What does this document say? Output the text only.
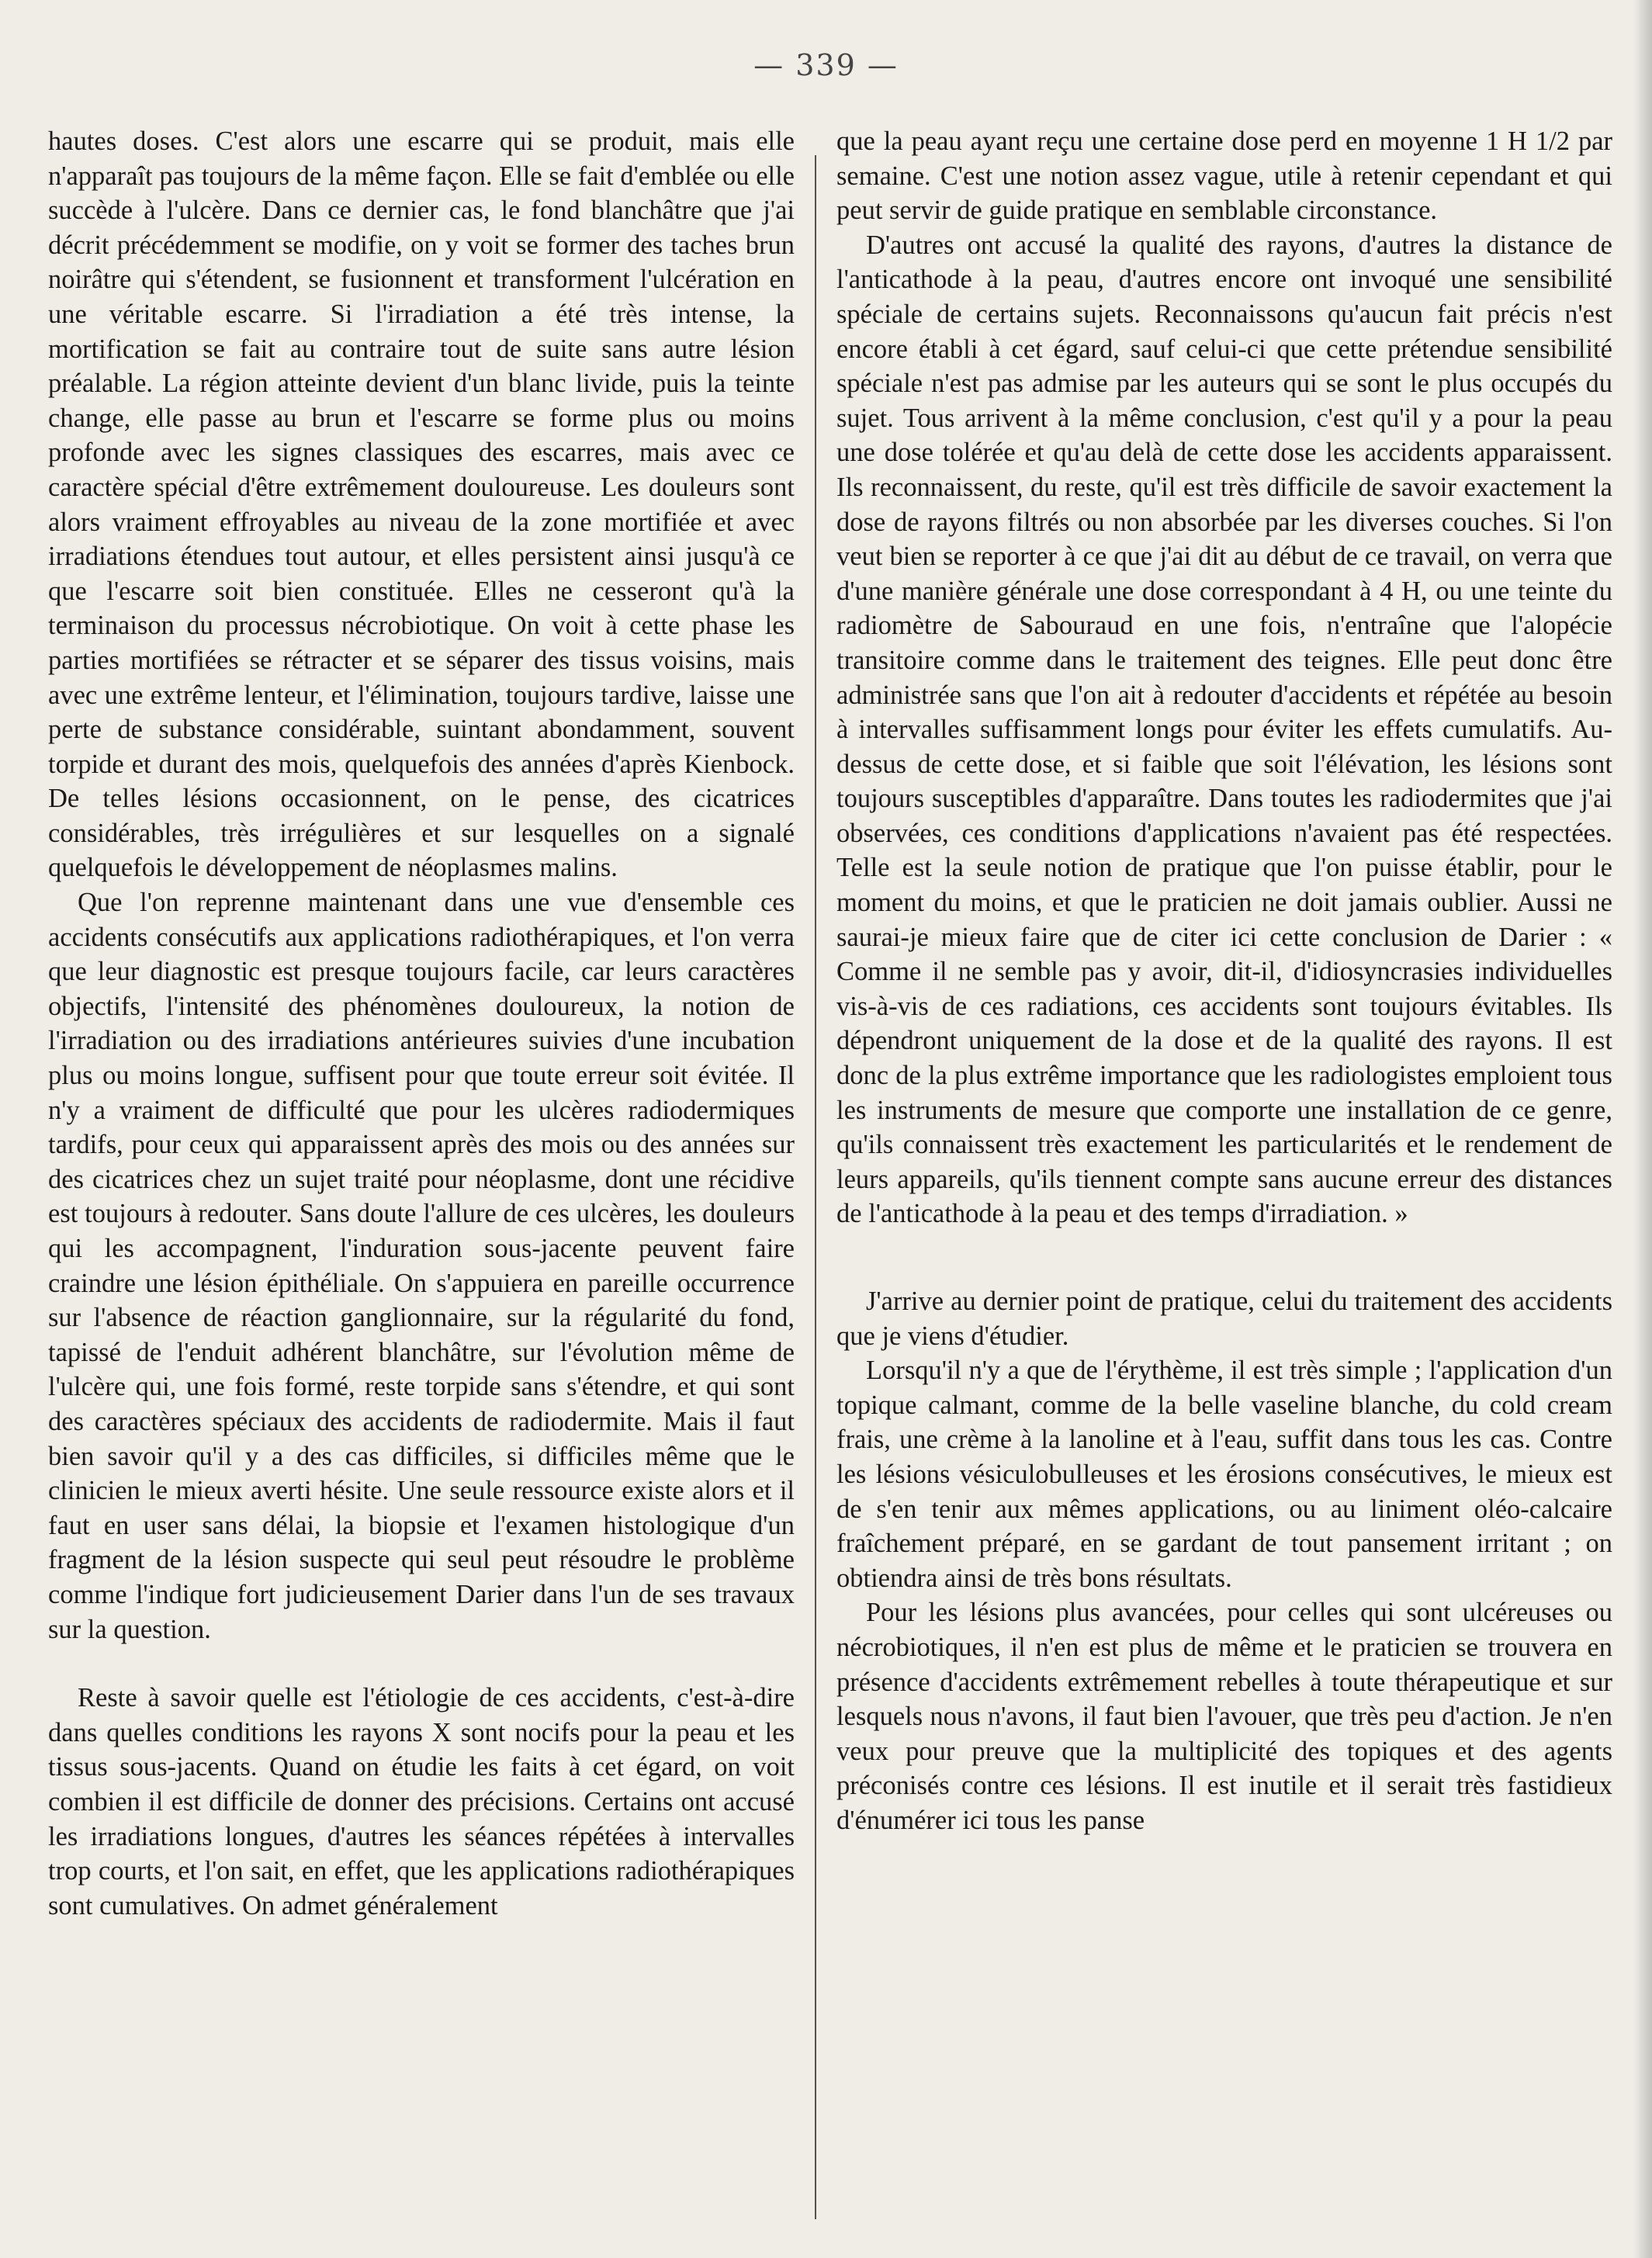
— 339 —

hautes doses. C'est alors une escarre qui se produit, mais elle n'apparaît pas toujours de la même façon. Elle se fait d'emblée ou elle succède à l'ulcère. Dans ce dernier cas, le fond blanchâtre que j'ai décrit précédemment se modifie, on y voit se former des taches brun noirâtre qui s'étendent, se fusionnent et transforment l'ulcération en une véritable escarre. Si l'irradiation a été très intense, la mortification se fait au contraire tout de suite sans autre lésion préalable. La région atteinte devient d'un blanc livide, puis la teinte change, elle passe au brun et l'escarre se forme plus ou moins profonde avec les signes classiques des escarres, mais avec ce caractère spécial d'être extrêmement douloureuse. Les douleurs sont alors vraiment effroyables au niveau de la zone mortifiée et avec irradiations étendues tout autour, et elles persistent ainsi jusqu'à ce que l'escarre soit bien constituée. Elles ne cesseront qu'à la terminaison du processus nécrobiotique. On voit à cette phase les parties mortifiées se rétracter et se séparer des tissus voisins, mais avec une extrême lenteur, et l'élimination, toujours tardive, laisse une perte de substance considérable, suintant abondamment, souvent torpide et durant des mois, quelquefois des années d'après Kienbock. De telles lésions occasionnent, on le pense, des cicatrices considérables, très irrégulières et sur lesquelles on a signalé quelquefois le développement de néoplasmes malins.

Que l'on reprenne maintenant dans une vue d'ensemble ces accidents consécutifs aux applications radiothérapiques, et l'on verra que leur diagnostic est presque toujours facile, car leurs caractères objectifs, l'intensité des phénomènes douloureux, la notion de l'irradiation ou des irradiations antérieures suivies d'une incubation plus ou moins longue, suffisent pour que toute erreur soit évitée. Il n'y a vraiment de difficulté que pour les ulcères radiodermiques tardifs, pour ceux qui apparaissent après des mois ou des années sur des cicatrices chez un sujet traité pour néoplasme, dont une récidive est toujours à redouter. Sans doute l'allure de ces ulcères, les douleurs qui les accompagnent, l'induration sous-jacente peuvent faire craindre une lésion épithéliale. On s'appuiera en pareille occurrence sur l'absence de réaction ganglionnaire, sur la régularité du fond, tapissé de l'enduit adhérent blanchâtre, sur l'évolution même de l'ulcère qui, une fois formé, reste torpide sans s'étendre, et qui sont des caractères spéciaux des accidents de radiodermite. Mais il faut bien savoir qu'il y a des cas difficiles, si difficiles même que le clinicien le mieux averti hésite. Une seule ressource existe alors et il faut en user sans délai, la biopsie et l'examen histologique d'un fragment de la lésion suspecte qui seul peut résoudre le problème comme l'indique fort judicieusement Darier dans l'un de ses travaux sur la question.

Reste à savoir quelle est l'étiologie de ces accidents, c'est-à-dire dans quelles conditions les rayons X sont nocifs pour la peau et les tissus sous-jacents. Quand on étudie les faits à cet égard, on voit combien il est difficile de donner des précisions. Certains ont accusé les irradiations longues, d'autres les séances répétées à intervalles trop courts, et l'on sait, en effet, que les applications radiothérapiques sont cumulatives. On admet généralement

que la peau ayant reçu une certaine dose perd en moyenne 1 H 1/2 par semaine. C'est une notion assez vague, utile à retenir cependant et qui peut servir de guide pratique en semblable circonstance.

D'autres ont accusé la qualité des rayons, d'autres la distance de l'anticathode à la peau, d'autres encore ont invoqué une sensibilité spéciale de certains sujets. Reconnaissons qu'aucun fait précis n'est encore établi à cet égard, sauf celui-ci que cette prétendue sensibilité spéciale n'est pas admise par les auteurs qui se sont le plus occupés du sujet. Tous arrivent à la même conclusion, c'est qu'il y a pour la peau une dose tolérée et qu'au delà de cette dose les accidents apparaissent. Ils reconnaissent, du reste, qu'il est très difficile de savoir exactement la dose de rayons filtrés ou non absorbée par les diverses couches. Si l'on veut bien se reporter à ce que j'ai dit au début de ce travail, on verra que d'une manière générale une dose correspondant à 4 H, ou une teinte du radiomètre de Sabouraud en une fois, n'entraîne que l'alopécie transitoire comme dans le traitement des teignes. Elle peut donc être administrée sans que l'on ait à redouter d'accidents et répétée au besoin à intervalles suffisamment longs pour éviter les effets cumulatifs. Au-dessus de cette dose, et si faible que soit l'élévation, les lésions sont toujours susceptibles d'apparaître. Dans toutes les radiodermites que j'ai observées, ces conditions d'applications n'avaient pas été respectées. Telle est la seule notion de pratique que l'on puisse établir, pour le moment du moins, et que le praticien ne doit jamais oublier. Aussi ne saurai-je mieux faire que de citer ici cette conclusion de Darier : « Comme il ne semble pas y avoir, dit-il, d'idiosyncrasies individuelles vis-à-vis de ces radiations, ces accidents sont toujours évitables. Ils dépendront uniquement de la dose et de la qualité des rayons. Il est donc de la plus extrême importance que les radiologistes emploient tous les instruments de mesure que comporte une installation de ce genre, qu'ils connaissent très exactement les particularités et le rendement de leurs appareils, qu'ils tiennent compte sans aucune erreur des distances de l'anticathode à la peau et des temps d'irradiation. »

J'arrive au dernier point de pratique, celui du traitement des accidents que je viens d'étudier.

Lorsqu'il n'y a que de l'érythème, il est très simple ; l'application d'un topique calmant, comme de la belle vaseline blanche, du cold cream frais, une crème à la lanoline et à l'eau, suffit dans tous les cas. Contre les lésions vésiculobulleuses et les érosions consécutives, le mieux est de s'en tenir aux mêmes applications, ou au liniment oléo-calcaire fraîchement préparé, en se gardant de tout pansement irritant ; on obtiendra ainsi de très bons résultats.

Pour les lésions plus avancées, pour celles qui sont ulcéreuses ou nécrobiotiques, il n'en est plus de même et le praticien se trouvera en présence d'accidents extrêmement rebelles à toute thérapeutique et sur lesquels nous n'avons, il faut bien l'avouer, que très peu d'action. Je n'en veux pour preuve que la multiplicité des topiques et des agents préconisés contre ces lésions. Il est inutile et il serait très fastidieux d'énumérer ici tous les panse
